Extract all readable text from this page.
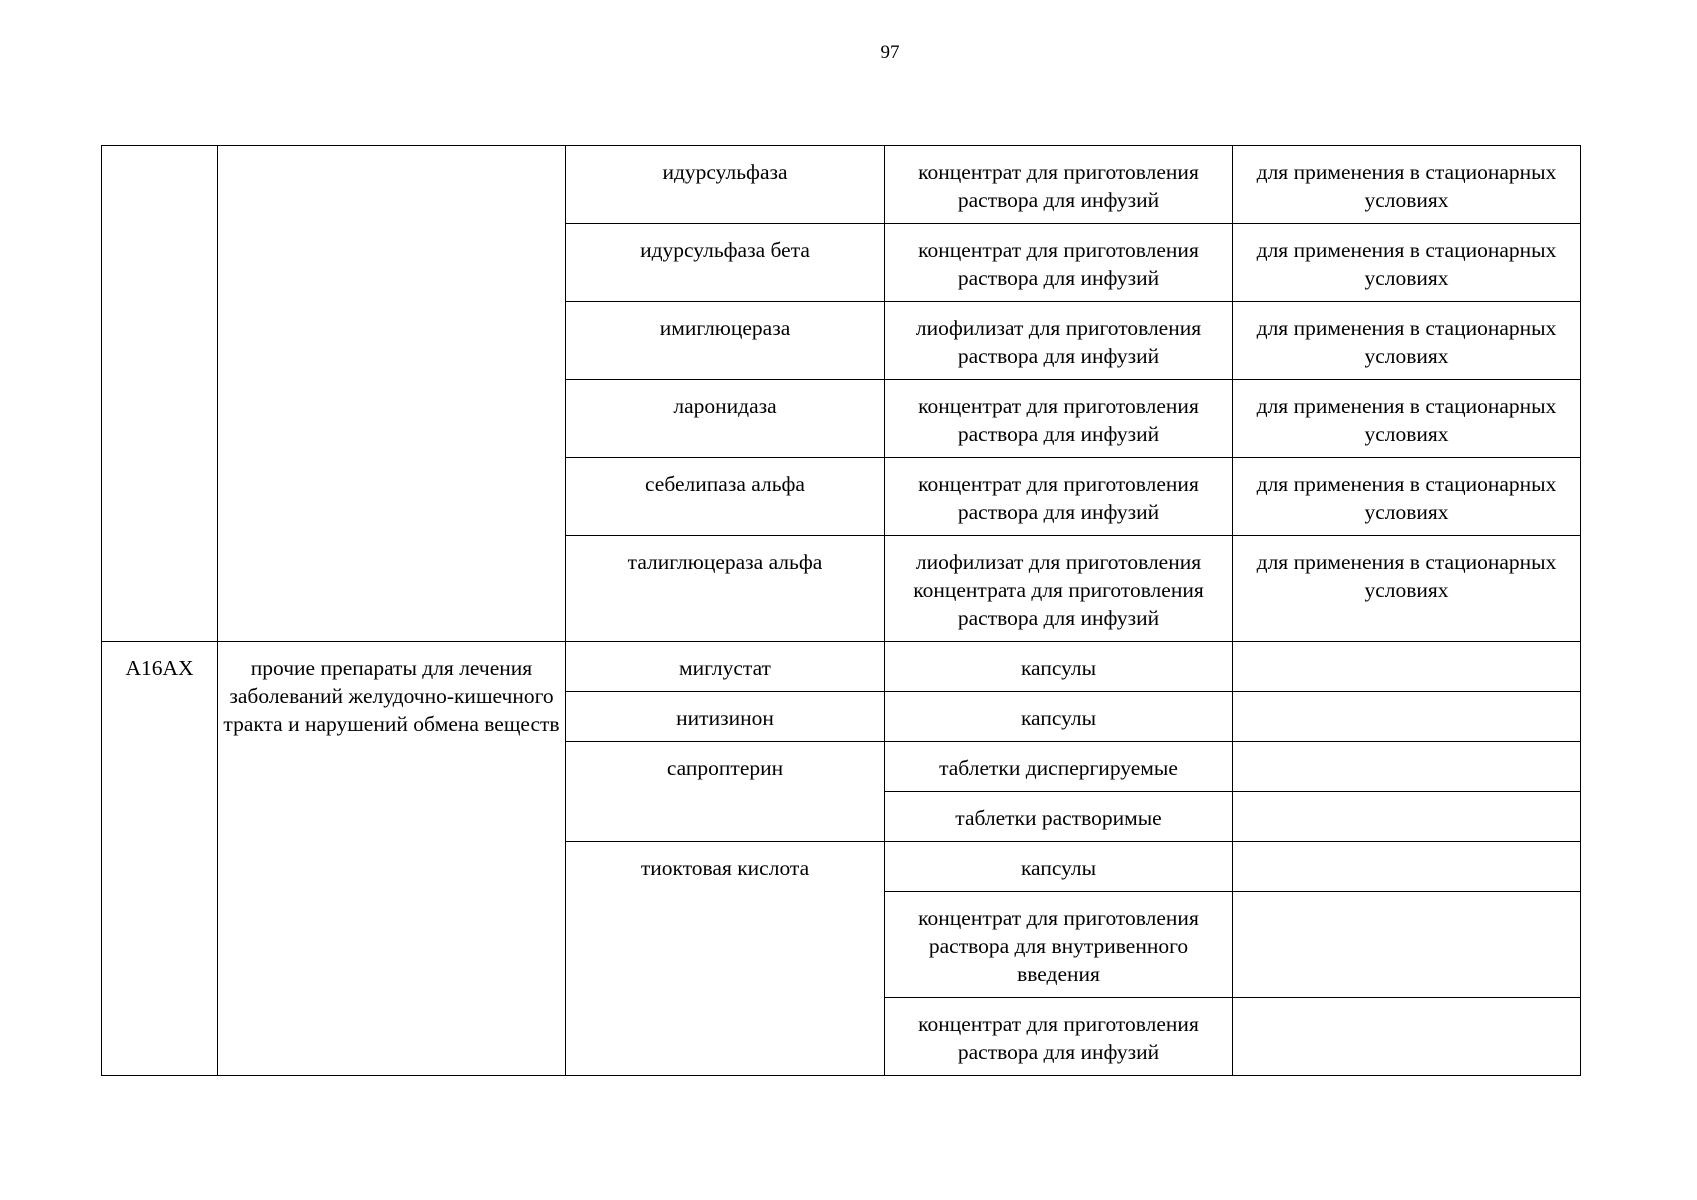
97
		идурсульфаза	концентрат для приготовления раствора для инфузий	для применения в стационарных условиях
		идурсульфаза бета	концентрат для приготовления раствора для инфузий	для применения в стационарных условиях
		имиглюцераза	лиофилизат для приготовления раствора для инфузий	для применения в стационарных условиях
		ларонидаза	концентрат для приготовления раствора для инфузий	для применения в стационарных условиях
		себелипаза альфа	концентрат для приготовления раствора для инфузий	для применения в стационарных условиях
		талиглюцераза альфа	лиофилизат для приготовления концентрата для приготовления раствора для инфузий	для применения в стационарных условиях
A16AX	прочие препараты для лечения заболеваний желудочно-кишечного тракта и нарушений обмена веществ	миглустат	капсулы	
		нитизинон	капсулы	
		сапроптерин	таблетки диспергируемые	
			таблетки растворимые	
		тиоктовая кислота	капсулы	
			концентрат для приготовления раствора для внутривенного введения	
			концентрат для приготовления раствора для инфузий	
